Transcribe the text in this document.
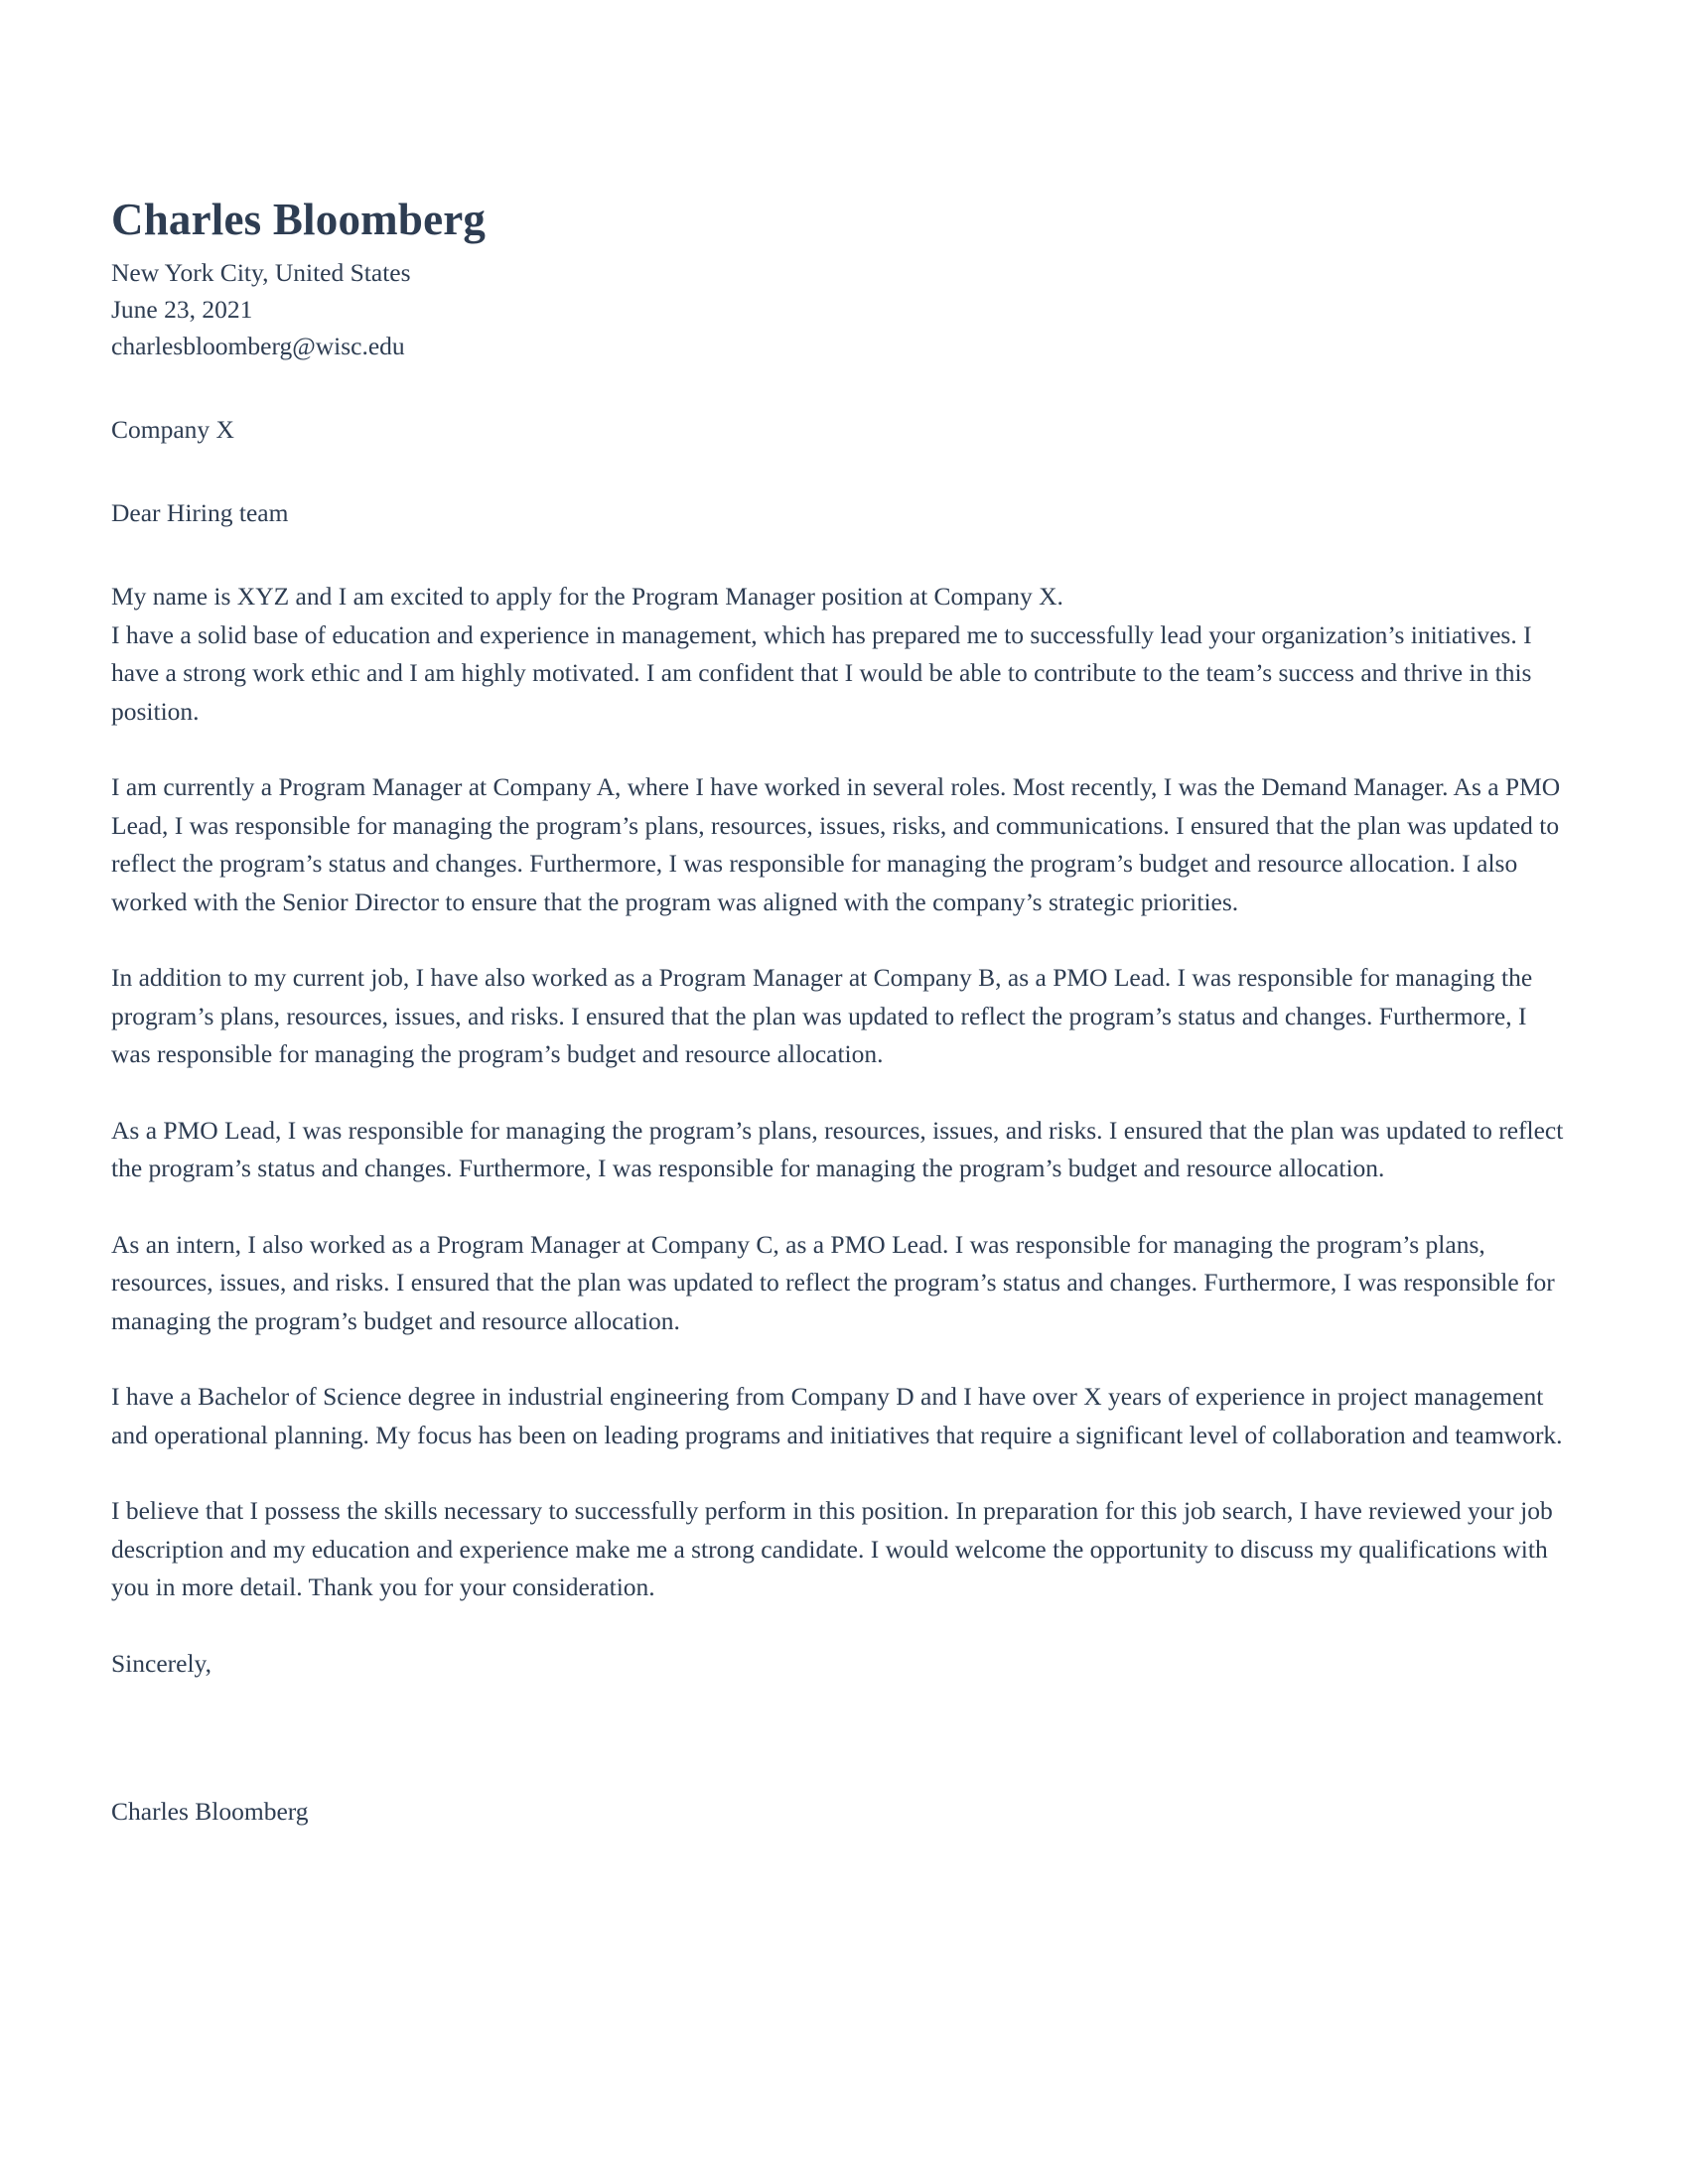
Charles Bloomberg
New York City, United States
June 23, 2021
charlesbloomberg@wisc.edu

Company X

Dear Hiring team

My name is XYZ and I am excited to apply for the Program Manager position at Company X.
I have a solid base of education and experience in management, which has prepared me to successfully lead your organization’s initiatives. I have a strong work ethic and I am highly motivated. I am confident that I would be able to contribute to the team’s success and thrive in this position.

I am currently a Program Manager at Company A, where I have worked in several roles. Most recently, I was the Demand Manager. As a PMO Lead, I was responsible for managing the program’s plans, resources, issues, risks, and communications. I ensured that the plan was updated to reflect the program’s status and changes. Furthermore, I was responsible for managing the program’s budget and resource allocation. I also worked with the Senior Director to ensure that the program was aligned with the company’s strategic priorities.

In addition to my current job, I have also worked as a Program Manager at Company B, as a PMO Lead. I was responsible for managing the program’s plans, resources, issues, and risks. I ensured that the plan was updated to reflect the program’s status and changes. Furthermore, I was responsible for managing the program’s budget and resource allocation.

As a PMO Lead, I was responsible for managing the program’s plans, resources, issues, and risks. I ensured that the plan was updated to reflect the program’s status and changes. Furthermore, I was responsible for managing the program’s budget and resource allocation.

As an intern, I also worked as a Program Manager at Company C, as a PMO Lead. I was responsible for managing the program’s plans, resources, issues, and risks. I ensured that the plan was updated to reflect the program’s status and changes. Furthermore, I was responsible for managing the program’s budget and resource allocation.

I have a Bachelor of Science degree in industrial engineering from Company D and I have over X years of experience in project management and operational planning. My focus has been on leading programs and initiatives that require a significant level of collaboration and teamwork.

I believe that I possess the skills necessary to successfully perform in this position. In preparation for this job search, I have reviewed your job description and my education and experience make me a strong candidate. I would welcome the opportunity to discuss my qualifications with you in more detail. Thank you for your consideration.

Sincerely,

Charles Bloomberg
